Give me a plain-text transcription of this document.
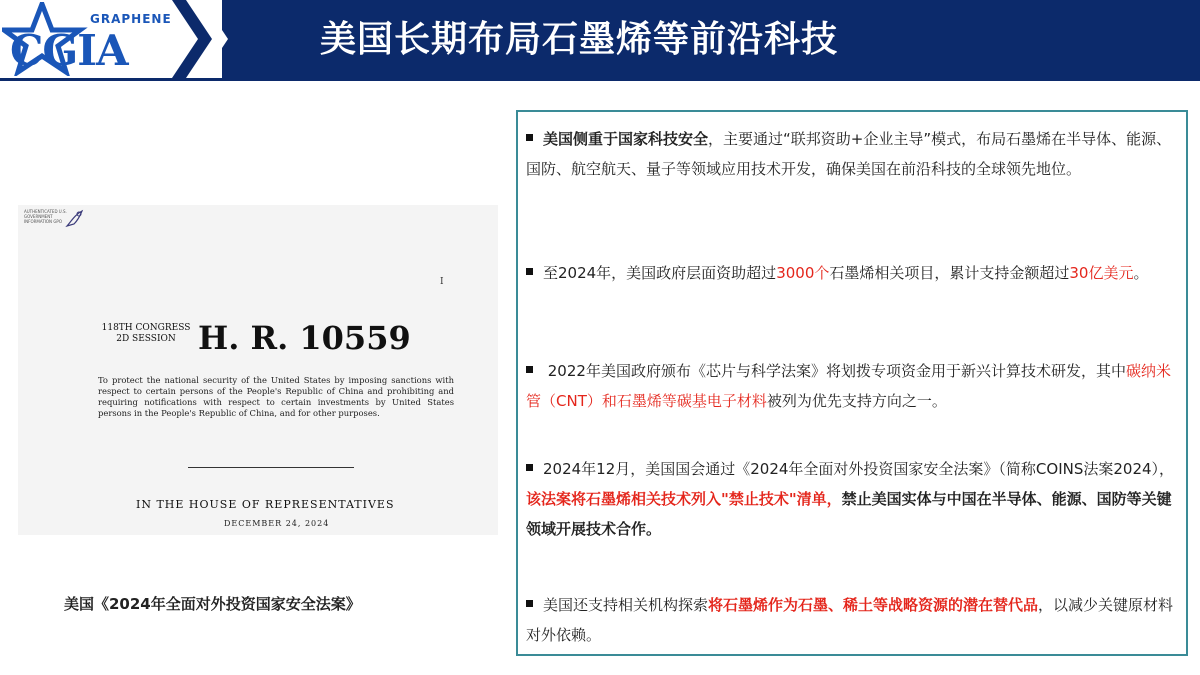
GRAPHENE
CGIA	美国长期布局石墨烯等前沿科技
AUTHENTICATED U.S. GOVERNMENT INFORMATION GPO
I
118TH CONGRESS
2D SESSION H. R. 10559
To protect the national security of the United States by imposing sanctions with respect to certain persons of the People's Republic of China and prohibiting and requiring notifications with respect to certain investments by United States persons in the People's Republic of China, and for other purposes.
IN THE HOUSE OF REPRESENTATIVES
DECEMBER 24, 2024
美国《2024年全面对外投资国家安全法案》
美国侧重于国家科技安全，主要通过“联邦资助+企业主导”模式，布局石墨烯在半导体、能源、国防、航空航天、量子等领域应用技术开发，确保美国在前沿科技的全球领先地位。
至2024年，美国政府层面资助超过3000个石墨烯相关项目，累计支持金额超过30亿美元。
2022年美国政府颁布《芯片与科学法案》将划拨专项资金用于新兴计算技术研发，其中碳纳米管（CNT）和石墨烯等碳基电子材料被列为优先支持方向之一。
2024年12月，美国国会通过《2024年全面对外投资国家安全法案》（简称COINS法案2024），该法案将石墨烯相关技术列入"禁止技术"清单，禁止美国实体与中国在半导体、能源、国防等关键领域开展技术合作。
美国还支持相关机构探索将石墨烯作为石墨、稀土等战略资源的潜在替代品，以减少关键原材料对外依赖。
